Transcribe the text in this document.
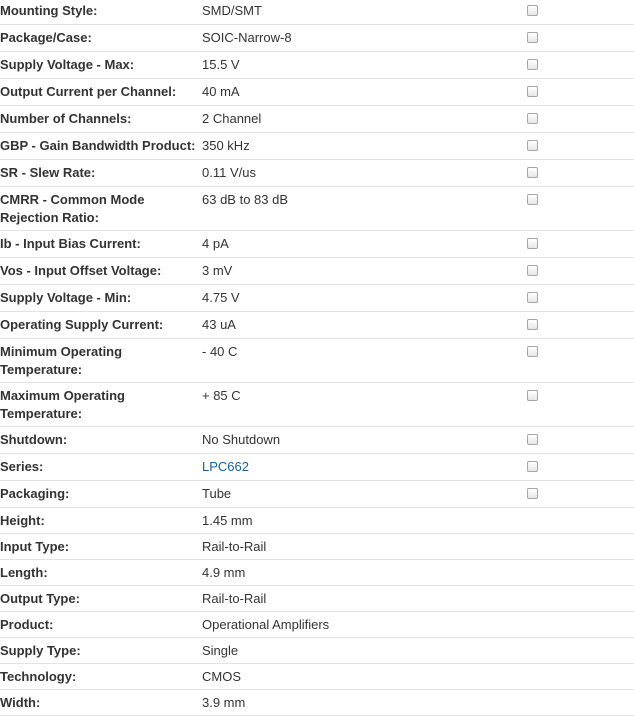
Mounting Style:	SMD/SMT	
Package/Case:	SOIC-Narrow-8	
Supply Voltage - Max:	15.5 V	
Output Current per Channel:	40 mA	
Number of Channels:	2 Channel	
GBP - Gain Bandwidth Product:	350 kHz	
SR - Slew Rate:	0.11 V/us	
CMRR - Common Mode Rejection Ratio:	63 dB to 83 dB	
Ib - Input Bias Current:	4 pA	
Vos - Input Offset Voltage:	3 mV	
Supply Voltage - Min:	4.75 V	
Operating Supply Current:	43 uA	
Minimum Operating Temperature:	- 40 C	
Maximum Operating Temperature:	+ 85 C	
Shutdown:	No Shutdown	
Series:	LPC662	
Packaging:	Tube	
Height:	1.45 mm	
Input Type:	Rail-to-Rail	
Length:	4.9 mm	
Output Type:	Rail-to-Rail	
Product:	Operational Amplifiers	
Supply Type:	Single	
Technology:	CMOS	
Width:	3.9 mm	
